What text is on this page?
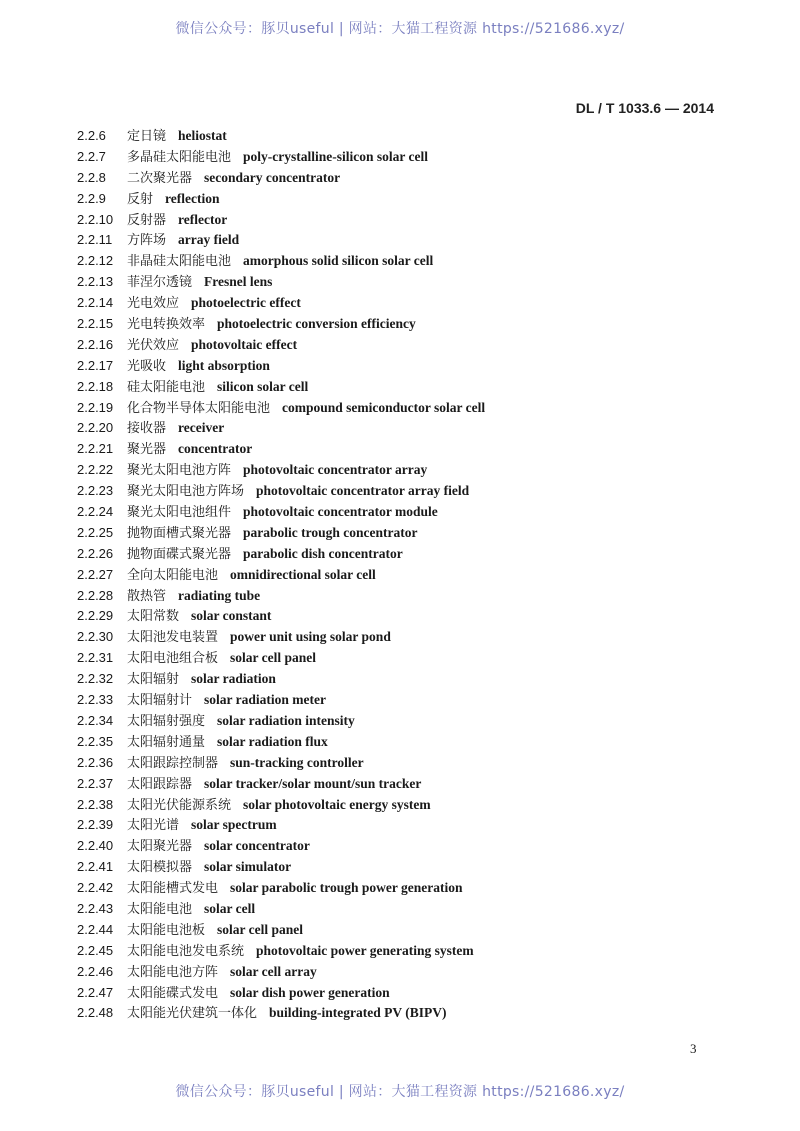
微信公众号：豚贝useful | 网站：大猫工程资源 https://521686.xyz/
DL / T 1033.6 — 2014
2.2.6 定日镜 heliostat
2.2.7 多晶硅太阳能电池 poly-crystalline-silicon solar cell
2.2.8 二次聚光器 secondary concentrator
2.2.9 反射 reflection
2.2.10 反射器 reflector
2.2.11 方阵场 array field
2.2.12 非晶硅太阳能电池 amorphous solid silicon solar cell
2.2.13 菲涅尔透镜 Fresnel lens
2.2.14 光电效应 photoelectric effect
2.2.15 光电转换效率 photoelectric conversion efficiency
2.2.16 光伏效应 photovoltaic effect
2.2.17 光吸收 light absorption
2.2.18 硅太阳能电池 silicon solar cell
2.2.19 化合物半导体太阳能电池 compound semiconductor solar cell
2.2.20 接收器 receiver
2.2.21 聚光器 concentrator
2.2.22 聚光太阳电池方阵 photovoltaic concentrator array
2.2.23 聚光太阳电池方阵场 photovoltaic concentrator array field
2.2.24 聚光太阳电池组件 photovoltaic concentrator module
2.2.25 抛物面槽式聚光器 parabolic trough concentrator
2.2.26 抛物面碟式聚光器 parabolic dish concentrator
2.2.27 全向太阳能电池 omnidirectional solar cell
2.2.28 散热管 radiating tube
2.2.29 太阳常数 solar constant
2.2.30 太阳池发电装置 power unit using solar pond
2.2.31 太阳电池组合板 solar cell panel
2.2.32 太阳辐射 solar radiation
2.2.33 太阳辐射计 solar radiation meter
2.2.34 太阳辐射强度 solar radiation intensity
2.2.35 太阳辐射通量 solar radiation flux
2.2.36 太阳跟踪控制器 sun-tracking controller
2.2.37 太阳跟踪器 solar tracker/solar mount/sun tracker
2.2.38 太阳光伏能源系统 solar photovoltaic energy system
2.2.39 太阳光谱 solar spectrum
2.2.40 太阳聚光器 solar concentrator
2.2.41 太阳模拟器 solar simulator
2.2.42 太阳能槽式发电 solar parabolic trough power generation
2.2.43 太阳能电池 solar cell
2.2.44 太阳能电池板 solar cell panel
2.2.45 太阳能电池发电系统 photovoltaic power generating system
2.2.46 太阳能电池方阵 solar cell array
2.2.47 太阳能碟式发电 solar dish power generation
2.2.48 太阳能光伏建筑一体化 building-integrated PV (BIPV)
3
微信公众号：豚贝useful | 网站：大猫工程资源 https://521686.xyz/
